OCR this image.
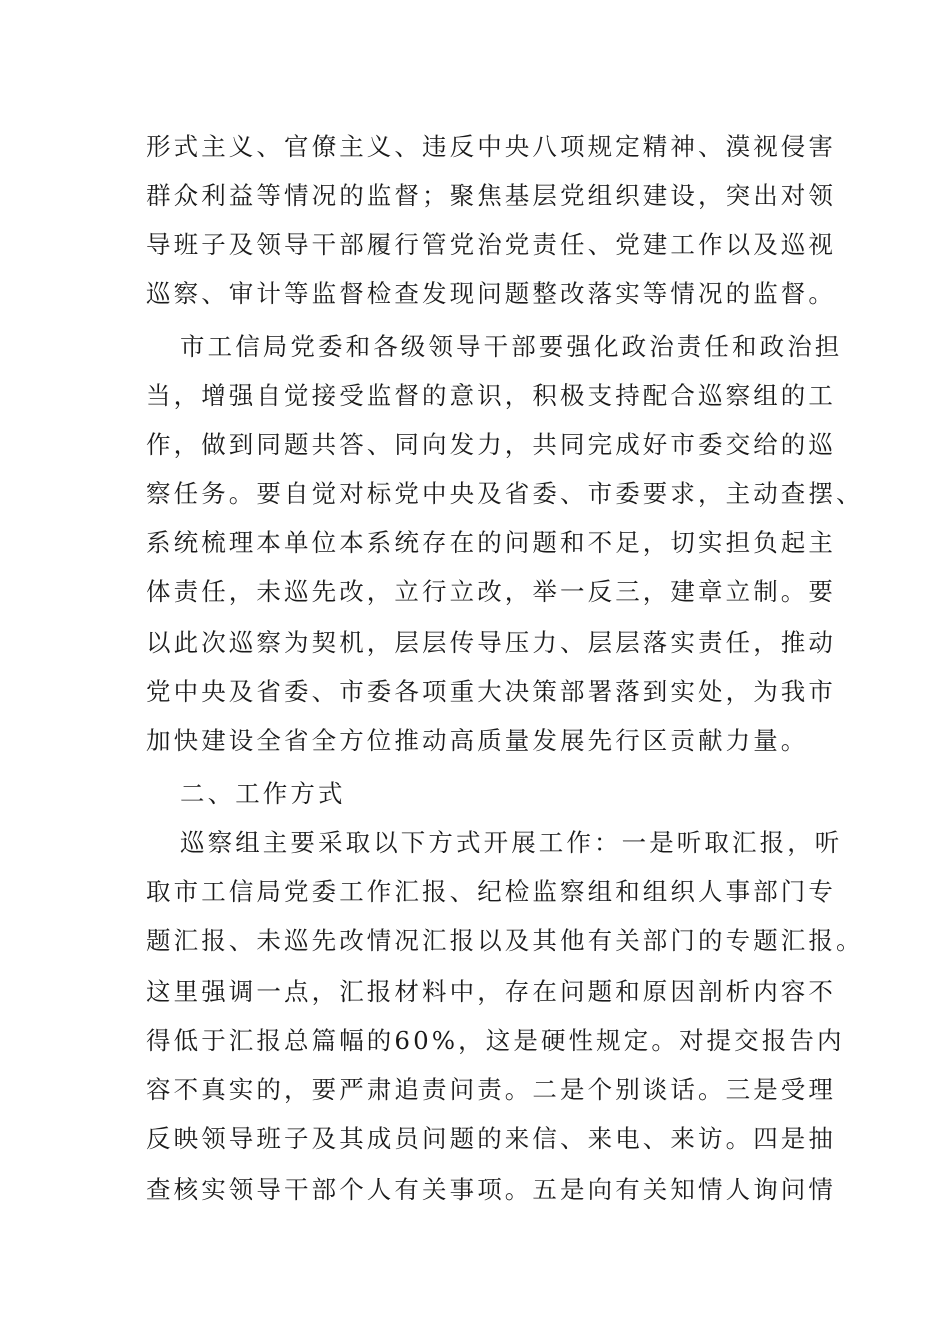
形式主义、官僚主义、违反中央八项规定精神、漠视侵害
群众利益等情况的监督；聚焦基层党组织建设，突出对领
导班子及领导干部履行管党治党责任、党建工作以及巡视
巡察、审计等监督检查发现问题整改落实等情况的监督。
市工信局党委和各级领导干部要强化政治责任和政治担
当，增强自觉接受监督的意识，积极支持配合巡察组的工
作，做到同题共答、同向发力，共同完成好市委交给的巡
察任务。要自觉对标党中央及省委、市委要求，主动查摆、
系统梳理本单位本系统存在的问题和不足，切实担负起主
体责任，未巡先改，立行立改，举一反三，建章立制。要
以此次巡察为契机，层层传导压力、层层落实责任，推动
党中央及省委、市委各项重大决策部署落到实处，为我市
加快建设全省全方位推动高质量发展先行区贡献力量。
二、工作方式
巡察组主要采取以下方式开展工作：一是听取汇报，听
取市工信局党委工作汇报、纪检监察组和组织人事部门专
题汇报、未巡先改情况汇报以及其他有关部门的专题汇报。
这里强调一点，汇报材料中，存在问题和原因剖析内容不
得低于汇报总篇幅的60%，这是硬性规定。对提交报告内
容不真实的，要严肃追责问责。二是个别谈话。三是受理
反映领导班子及其成员问题的来信、来电、来访。四是抽
查核实领导干部个人有关事项。五是向有关知情人询问情
